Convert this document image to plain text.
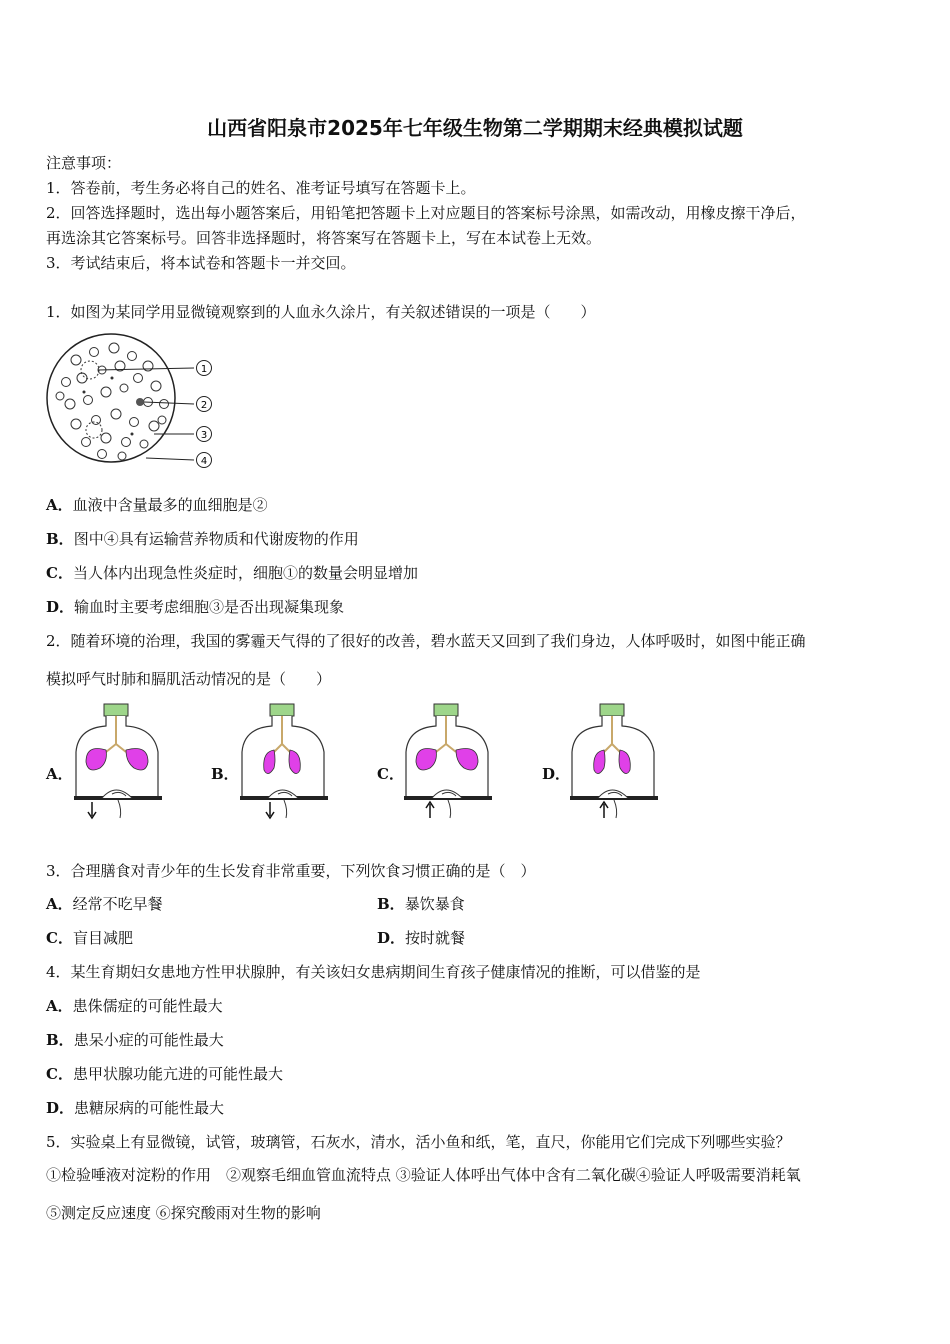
山西省阳泉市2025年七年级生物第二学期期末经典模拟试题
注意事项：
1．答卷前，考生务必将自己的姓名、准考证号填写在答题卡上。
2．回答选择题时，选出每小题答案后，用铅笔把答题卡上对应题目的答案标号涂黑，如需改动，用橡皮擦干净后，
再选涂其它答案标号。回答非选择题时，将答案写在答题卡上，写在本试卷上无效。
3．考试结束后，将本试卷和答题卡一并交回。
1．如图为某同学用显微镜观察到的人血永久涂片，有关叙述错误的一项是（　　）
1
2
3
4
A．血液中含量最多的血细胞是②
B．图中④具有运输营养物质和代谢废物的作用
C．当人体内出现急性炎症时，细胞①的数量会明显增加
D．输血时主要考虑细胞③是否出现凝集现象
2．随着环境的治理，我国的雾霾天气得的了很好的改善，碧水蓝天又回到了我们身边，人体呼吸时，如图中能正确
模拟呼气时肺和膈肌活动情况的是（　　）
A．	B．	C．	D．
3．合理膳食对青少年的生长发育非常重要，下列饮食习惯正确的是（　）
A．经常不吃早餐	B．暴饮暴食
C．盲目减肥	D．按时就餐
4．某生育期妇女患地方性甲状腺肿，有关该妇女患病期间生育孩子健康情况的推断，可以借鉴的是
A．患侏儒症的可能性最大
B．患呆小症的可能性最大
C．患甲状腺功能亢进的可能性最大
D．患糖尿病的可能性最大
5．实验桌上有显微镜，试管，玻璃管，石灰水，清水，活小鱼和纸，笔，直尺，你能用它们完成下列哪些实验？
①检验唾液对淀粉的作用　②观察毛细血管血流特点 ③验证人体呼出气体中含有二氧化碳④验证人呼吸需要消耗氧
⑤测定反应速度 ⑥探究酸雨对生物的影响
